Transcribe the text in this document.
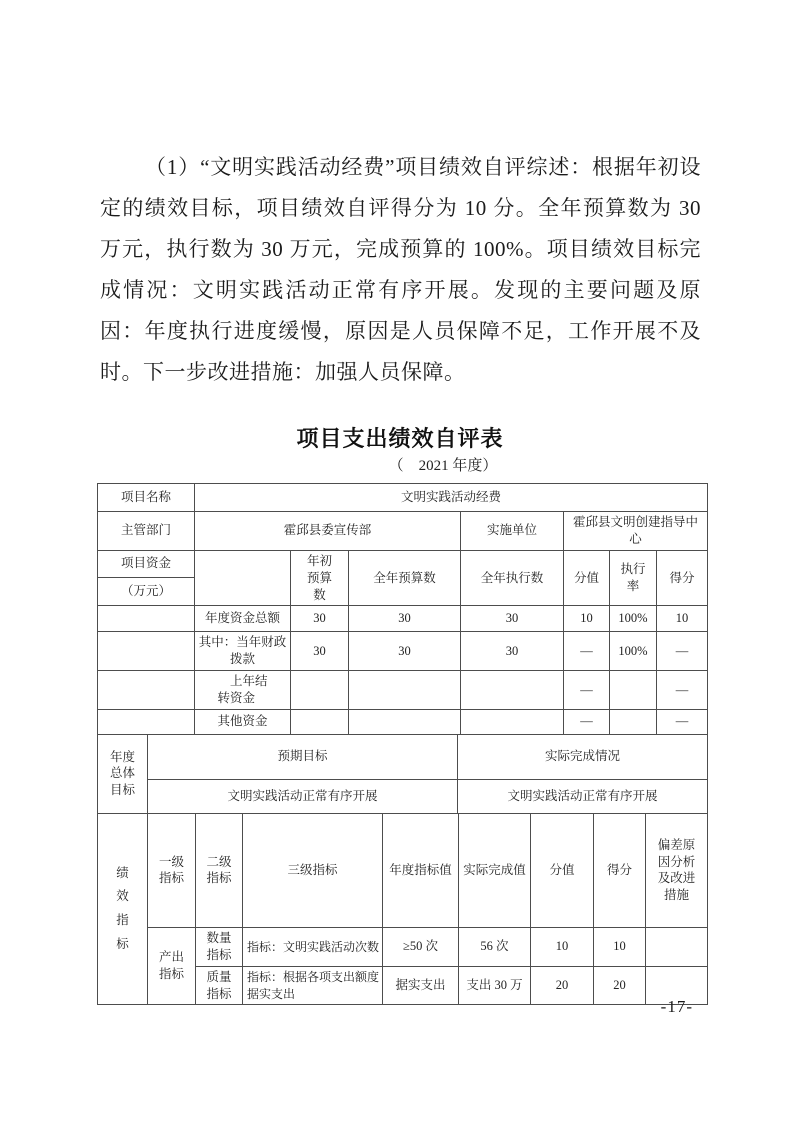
（1）“文明实践活动经费”项目绩效自评综述：根据年初设定的绩效目标，项目绩效自评得分为 10 分。全年预算数为 30 万元，执行数为 30 万元，完成预算的 100%。项目绩效目标完成情况：文明实践活动正常有序开展。发现的主要问题及原因：年度执行进度缓慢，原因是人员保障不足，工作开展不及时。下一步改进措施：加强人员保障。

项目支出绩效自评表

（　2021 年度）

项目名称	文明实践活动经费		
主管部门	霍邱县委宣传部	实施单位	霍邱县文明创建指导中心
项目资金		年初预算数	全年预算数	全年执行数	分值	执行率	得分
（万元）							
	年度资金总额	30	30	30	10	100%	10
	其中：当年财政拨款	30	30	30	—	100%	—
	上年结转资金				—		—
	其他资金				—		—
年度总体目标	预期目标	实际完成情况
	文明实践活动正常有序开展	文明实践活动正常有序开展
绩效指标	一级指标	二级指标	三级指标	年度指标值	实际完成值	分值	得分	偏差原因分析及改进措施
	产出指标	数量指标	指标：文明实践活动次数	≥50 次	56 次	10	10	
		质量指标	指标：根据各项支出额度据实支出	据实支出	支出 30 万	20	20	

-17-
